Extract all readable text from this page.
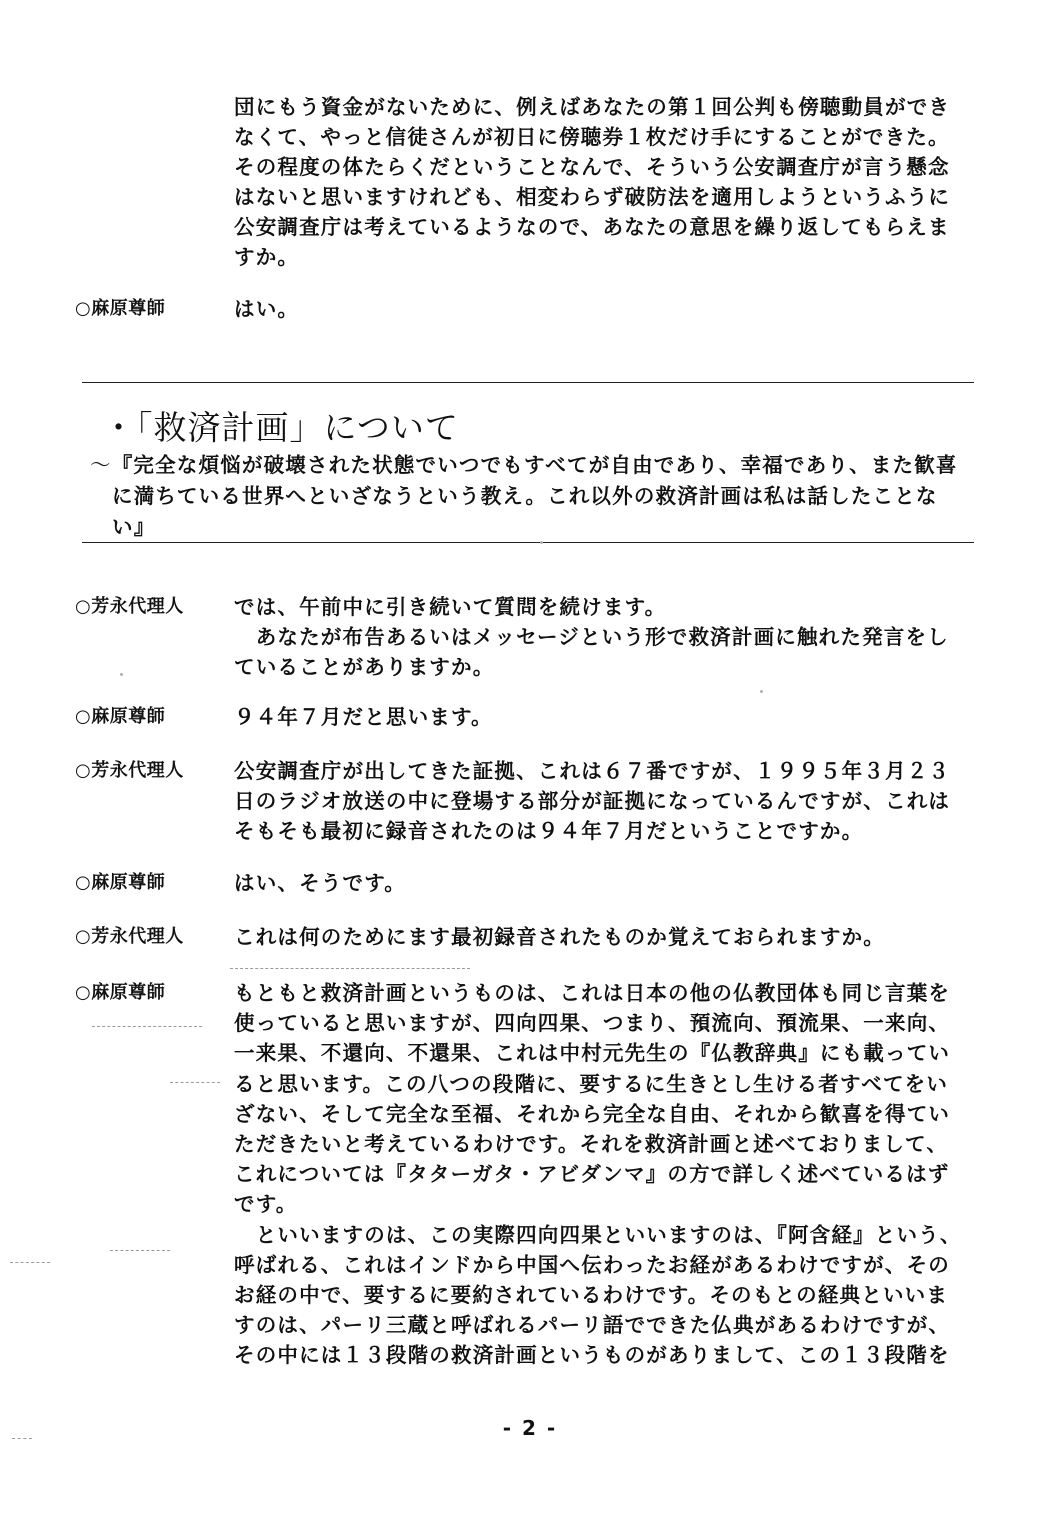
団にもう資金がないために、例えばあなたの第１回公判も傍聴動員ができ
なくて、やっと信徒さんが初日に傍聴券１枚だけ手にすることができた。
その程度の体たらくだということなんで、そういう公安調査庁が言う懸念
はないと思いますけれども、相変わらず破防法を適用しようというふうに
公安調査庁は考えているようなので、あなたの意思を繰り返してもらえま
すか。
○麻原尊師	はい。
・「救済計画」について
～『完全な煩悩が破壊された状態でいつでもすべてが自由であり、幸福であり、また歓喜
に満ちている世界へといざなうという教え。これ以外の救済計画は私は話したことな
い』
○芳永代理人	では、午前中に引き続いて質問を続けます。
　あなたが布告あるいはメッセージという形で救済計画に触れた発言をし
ていることがありますか。
○麻原尊師	９４年７月だと思います。
○芳永代理人	公安調査庁が出してきた証拠、これは６７番ですが、１９９５年３月２３
日のラジオ放送の中に登場する部分が証拠になっているんですが、これは
そもそも最初に録音されたのは９４年７月だということですか。
○麻原尊師	はい、そうです。
○芳永代理人	これは何のためにます最初録音されたものか覚えておられますか。
○麻原尊師	もともと救済計画というものは、これは日本の他の仏教団体も同じ言葉を
使っていると思いますが、四向四果、つまり、預流向、預流果、一来向、
一来果、不還向、不還果、これは中村元先生の『仏教辞典』にも載ってい
ると思います。この八つの段階に、要するに生きとし生ける者すべてをい
ざない、そして完全な至福、それから完全な自由、それから歓喜を得てい
ただきたいと考えているわけです。それを救済計画と述べておりまして、
これについては『タターガタ・アビダンマ』の方で詳しく述べているはず
です。
　といいますのは、この実際四向四果といいますのは、『阿含経』という、
呼ばれる、これはインドから中国へ伝わったお経があるわけですが、その
お経の中で、要するに要約されているわけです。そのもとの経典といいま
すのは、パーリ三蔵と呼ばれるパーリ語でできた仏典があるわけですが、
その中には１３段階の救済計画というものがありまして、この１３段階を
- 2 -
